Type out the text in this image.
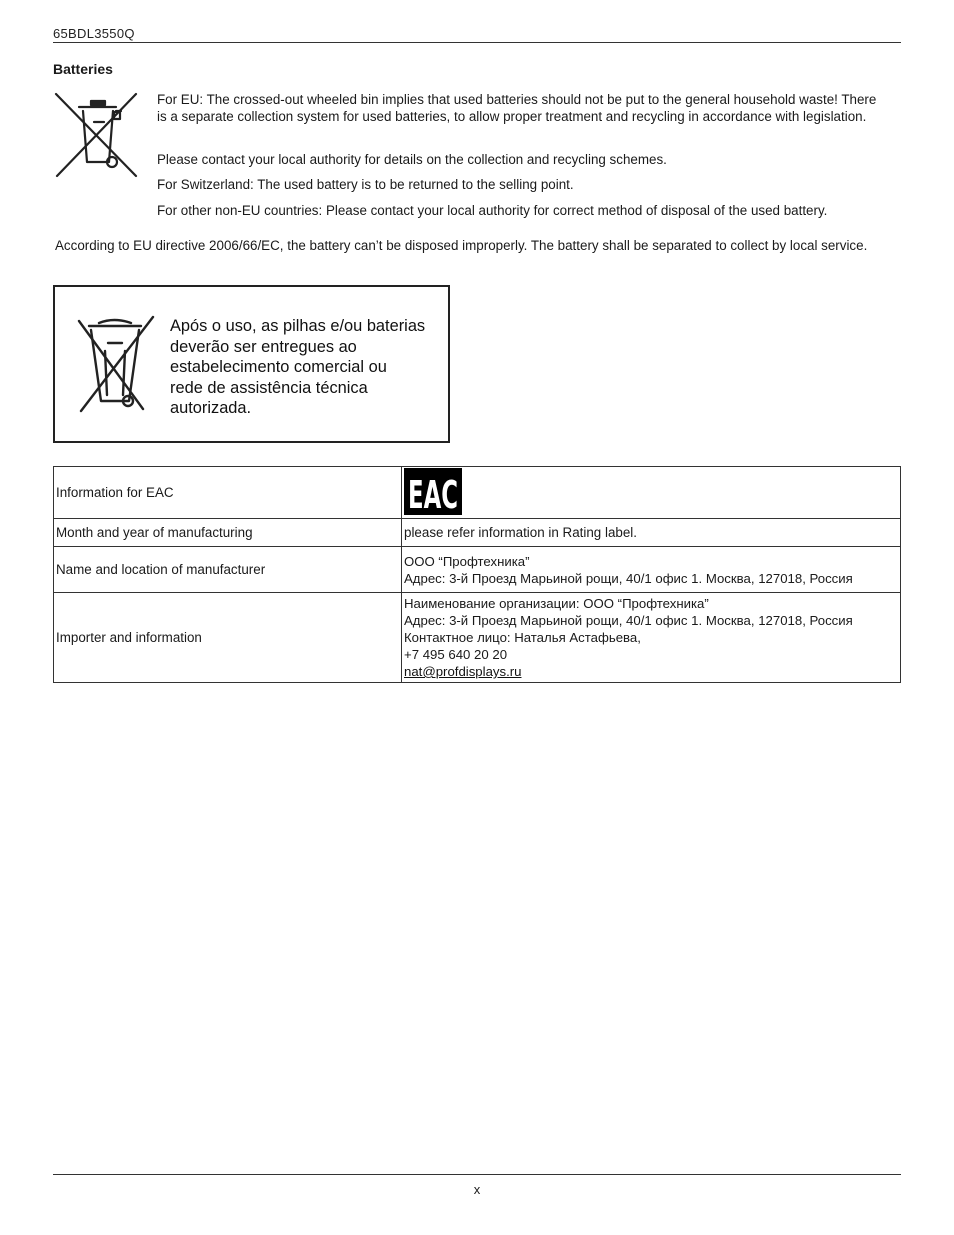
65BDL3550Q
Batteries
For EU: The crossed-out wheeled bin implies that used batteries should not be put to the general household waste! There is a separate collection system for used batteries, to allow proper treatment and recycling in accordance with legislation.
Please contact your local authority for details on the collection and recycling schemes.
For Switzerland: The used battery is to be returned to the selling point.
For other non-EU countries: Please contact your local authority for correct method of disposal of the used battery.
According to EU directive 2006/66/EC, the battery can’t be disposed improperly. The battery shall be separated to collect by local service.
Após o uso, as pilhas e/ou baterias
deverão ser entregues ao
estabelecimento comercial ou
rede de assistência técnica
autorizada.
Information for EAC	EAC

Month and year of manufacturing	please refer information in Rating label.
Name and location of manufacturer	ООО “Профтехника”
Адрес: 3-й Проезд Марьиной рощи, 40/1 офис 1. Москва, 127018, Россия

Importer and information	Наименование организации: ООО “Профтехника”
Адрес: 3-й Проезд Марьиной рощи, 40/1 офис 1. Москва, 127018, Россия
Контактное лицо: Наталья Астафьева,
+7 495 640 20 20
nat@profdisplays.ru
x
